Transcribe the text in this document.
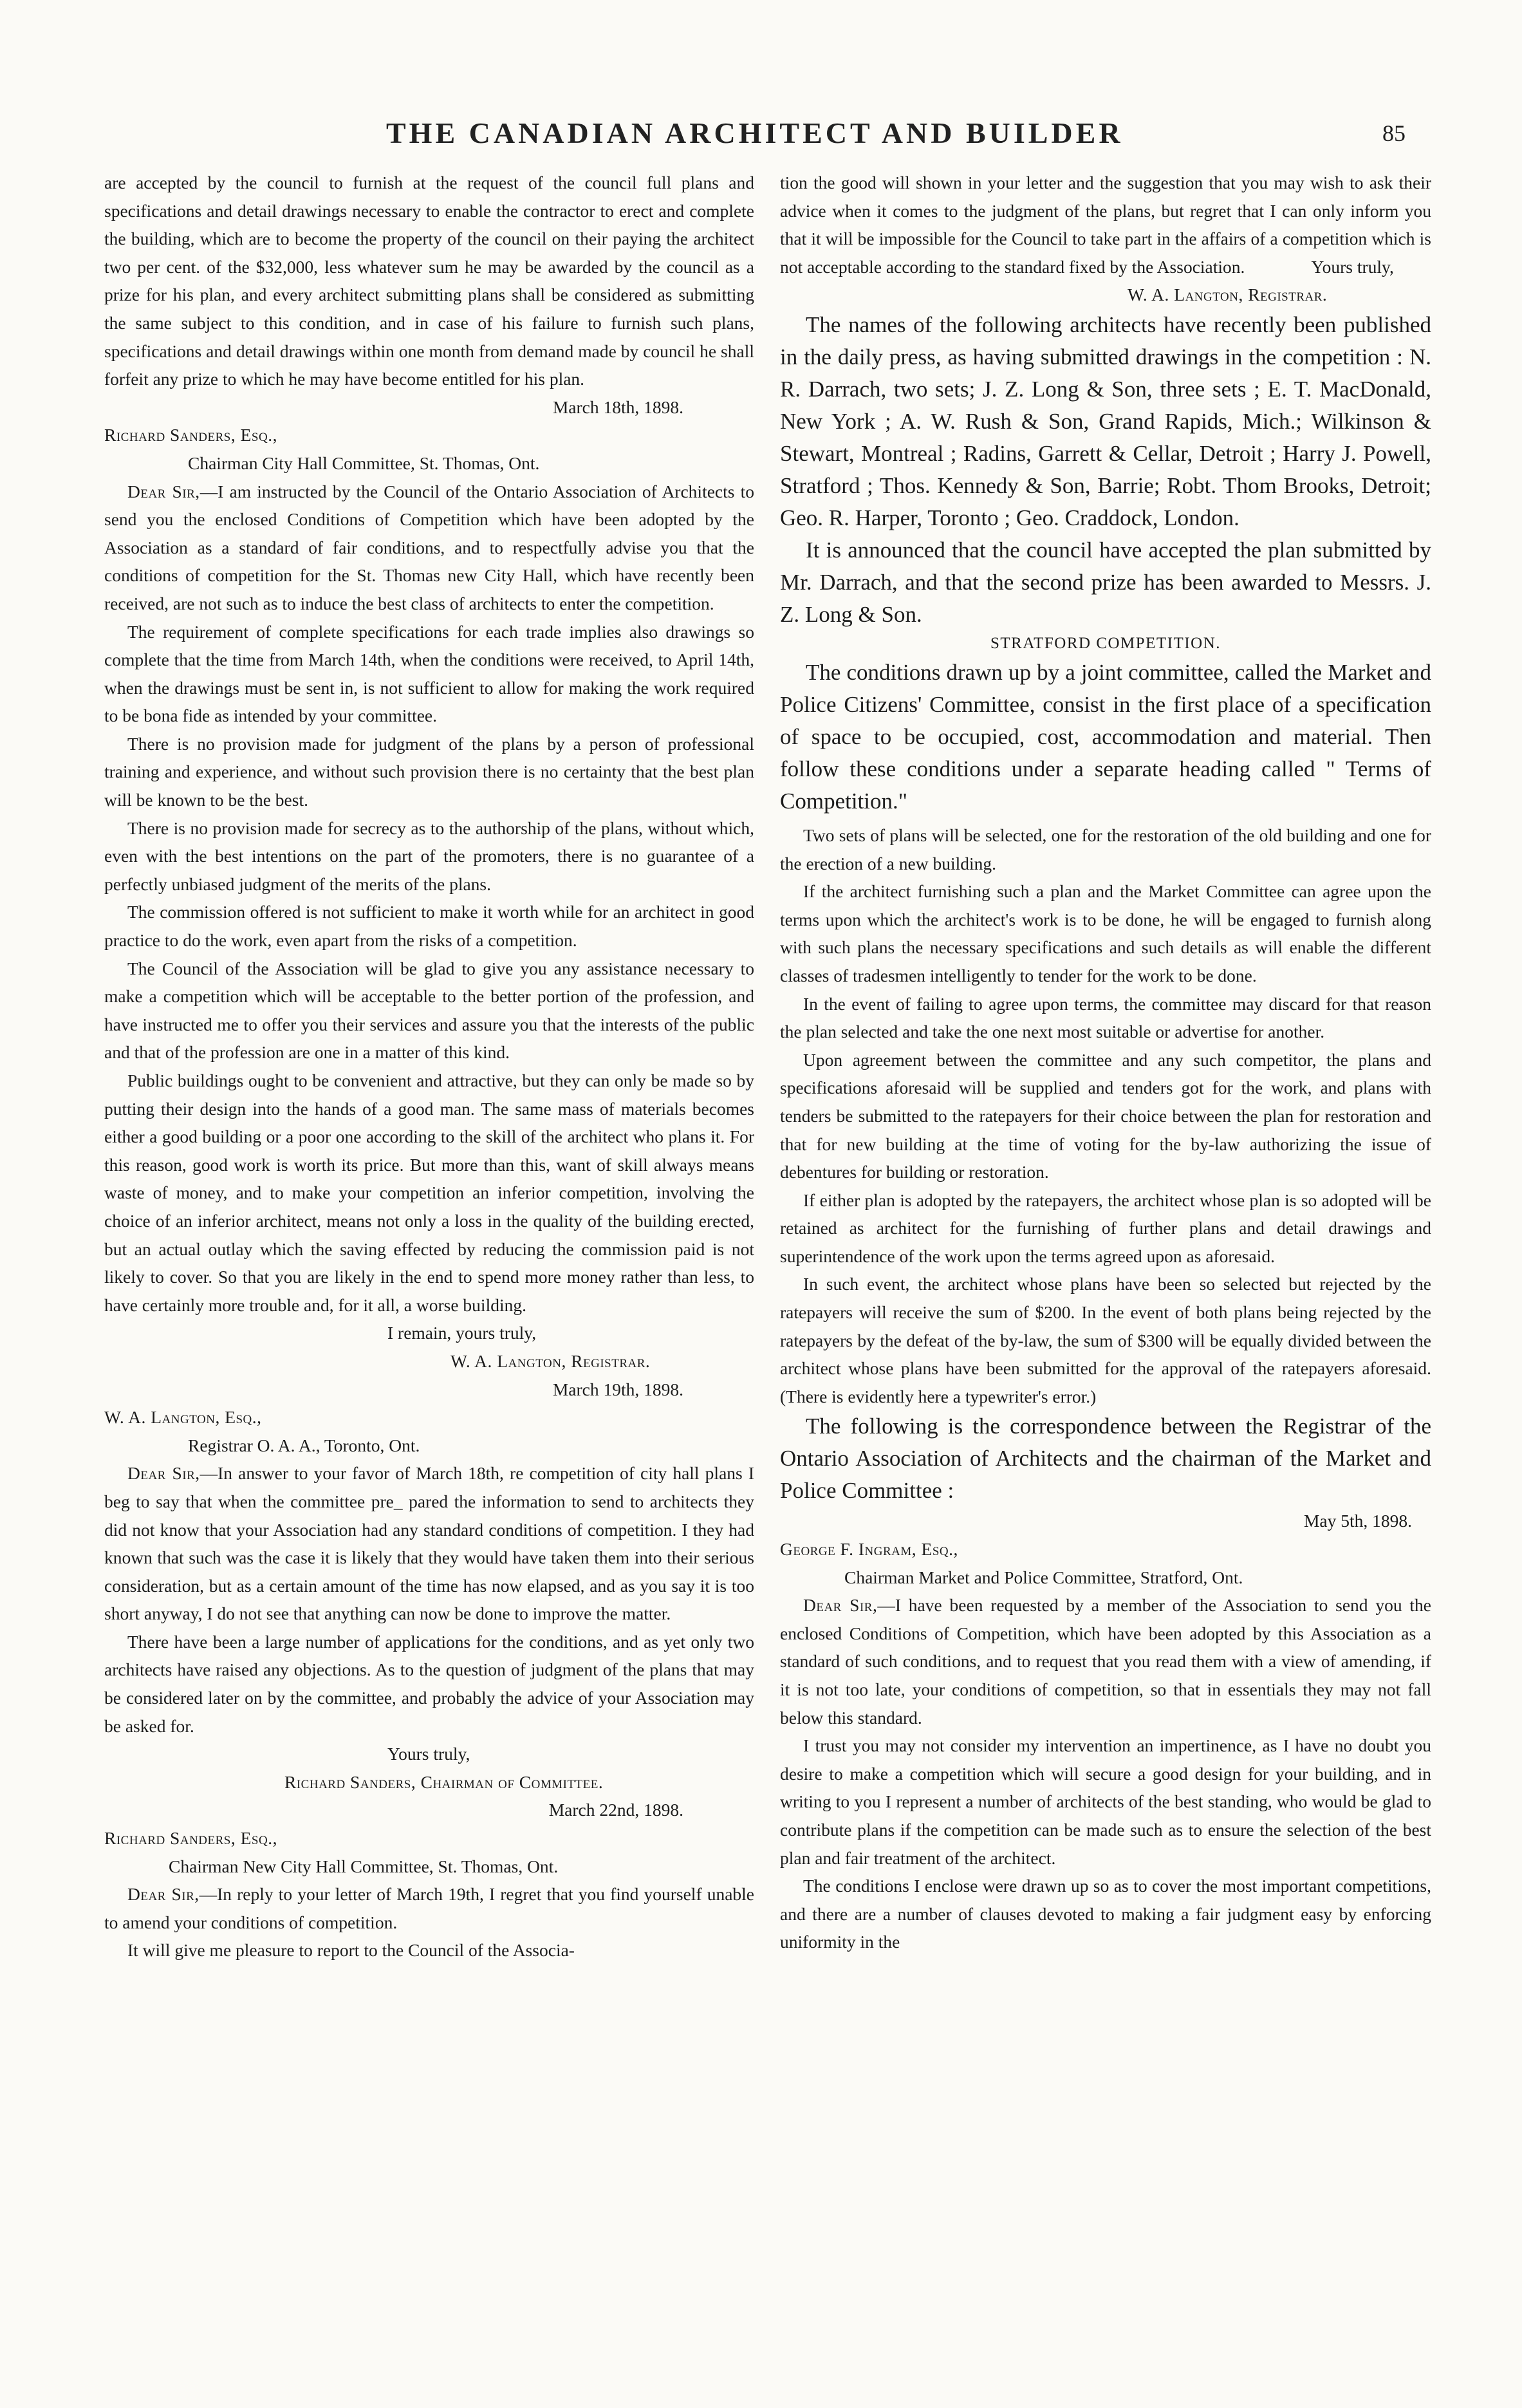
THE CANADIAN ARCHITECT AND BUILDER	85

are accepted by the council to furnish at the request of the council full plans and specifications and detail drawings necessary to enable the contractor to erect and complete the building, which are to become the property of the council on their paying the architect two per cent. of the $32,000, less whatever sum he may be awarded by the council as a prize for his plan, and every architect submitting plans shall be considered as submitting the same subject to this condition, and in case of his failure to furnish such plans, specifications and detail drawings within one month from demand made by council he shall forfeit any prize to which he may have become entitled for his plan.

March 18th, 1898.

Richard Sanders, Esq.,

Chairman City Hall Committee, St. Thomas, Ont.

Dear Sir,—I am instructed by the Council of the Ontario Association of Architects to send you the enclosed Conditions of Competition which have been adopted by the Association as a standard of fair conditions, and to respectfully advise you that the conditions of competition for the St. Thomas new City Hall, which have recently been received, are not such as to induce the best class of architects to enter the competition.

The requirement of complete specifications for each trade implies also drawings so complete that the time from March 14th, when the conditions were received, to April 14th, when the drawings must be sent in, is not sufficient to allow for making the work required to be bona fide as intended by your committee.

There is no provision made for judgment of the plans by a person of professional training and experience, and without such provision there is no certainty that the best plan will be known to be the best.

There is no provision made for secrecy as to the authorship of the plans, without which, even with the best intentions on the part of the promoters, there is no guarantee of a perfectly unbiased judgment of the merits of the plans.

The commission offered is not sufficient to make it worth while for an architect in good practice to do the work, even apart from the risks of a competition.

The Council of the Association will be glad to give you any assistance necessary to make a competition which will be acceptable to the better portion of the profession, and have instructed me to offer you their services and assure you that the interests of the public and that of the profession are one in a matter of this kind.

Public buildings ought to be convenient and attractive, but they can only be made so by putting their design into the hands of a good man. The same mass of materials becomes either a good building or a poor one according to the skill of the architect who plans it. For this reason, good work is worth its price. But more than this, want of skill always means waste of money, and to make your competition an inferior competition, involving the choice of an inferior architect, means not only a loss in the quality of the building erected, but an actual outlay which the saving effected by reducing the commission paid is not likely to cover. So that you are likely in the end to spend more money rather than less, to have certainly more trouble and, for it all, a worse building.

I remain, yours truly,

W. A. Langton, Registrar.

March 19th, 1898.

W. A. Langton, Esq.,

Registrar O. A. A., Toronto, Ont.

Dear Sir,—In answer to your favor of March 18th, re competition of city hall plans I beg to say that when the committee pre_ pared the information to send to architects they did not know that your Association had any standard conditions of competition. I they had known that such was the case it is likely that they would have taken them into their serious consideration, but as a certain amount of the time has now elapsed, and as you say it is too short anyway, I do not see that anything can now be done to improve the matter.

There have been a large number of applications for the conditions, and as yet only two architects have raised any objections. As to the question of judgment of the plans that may be considered later on by the committee, and probably the advice of your Association may be asked for.

Yours truly,

Richard Sanders, Chairman of Committee.

March 22nd, 1898.

Richard Sanders, Esq.,

Chairman New City Hall Committee, St. Thomas, Ont.

Dear Sir,—In reply to your letter of March 19th, I regret that you find yourself unable to amend your conditions of competition.

It will give me pleasure to report to the Council of the Associa-

tion the good will shown in your letter and the suggestion that you may wish to ask their advice when it comes to the judgment of the plans, but regret that I can only inform you that it will be impossible for the Council to take part in the affairs of a competition which is not acceptable according to the standard fixed by the Association.	Yours truly,

W. A. Langton, Registrar.

The names of the following architects have recently been published in the daily press, as having submitted drawings in the competition : N. R. Darrach, two sets; J. Z. Long & Son, three sets ; E. T. MacDonald, New York ; A. W. Rush & Son, Grand Rapids, Mich.; Wilkinson & Stewart, Montreal ; Radins, Garrett & Cellar, Detroit ; Harry J. Powell, Stratford ; Thos. Kennedy & Son, Barrie; Robt. Thom Brooks, Detroit; Geo. R. Harper, Toronto ; Geo. Craddock, London.

It is announced that the council have accepted the plan submitted by Mr. Darrach, and that the second prize has been awarded to Messrs. J. Z. Long & Son.

STRATFORD COMPETITION.

The conditions drawn up by a joint committee, called the Market and Police Citizens' Committee, consist in the first place of a specification of space to be occupied, cost, accommodation and material. Then follow these conditions under a separate heading called " Terms of Competition."

Two sets of plans will be selected, one for the restoration of the old building and one for the erection of a new building.

If the architect furnishing such a plan and the Market Committee can agree upon the terms upon which the architect's work is to be done, he will be engaged to furnish along with such plans the necessary specifications and such details as will enable the different classes of tradesmen intelligently to tender for the work to be done.

In the event of failing to agree upon terms, the committee may discard for that reason the plan selected and take the one next most suitable or advertise for another.

Upon agreement between the committee and any such competitor, the plans and specifications aforesaid will be supplied and tenders got for the work, and plans with tenders be submitted to the ratepayers for their choice between the plan for restoration and that for new building at the time of voting for the by-law authorizing the issue of debentures for building or restoration.

If either plan is adopted by the ratepayers, the architect whose plan is so adopted will be retained as architect for the furnishing of further plans and detail drawings and superintendence of the work upon the terms agreed upon as aforesaid.

In such event, the architect whose plans have been so selected but rejected by the ratepayers will receive the sum of $200. In the event of both plans being rejected by the ratepayers by the defeat of the by-law, the sum of $300 will be equally divided between the architect whose plans have been submitted for the approval of the ratepayers aforesaid. (There is evidently here a typewriter's error.)

The following is the correspondence between the Registrar of the Ontario Association of Architects and the chairman of the Market and Police Committee :

May 5th, 1898.

George F. Ingram, Esq.,

Chairman Market and Police Committee, Stratford, Ont.

Dear Sir,—I have been requested by a member of the Association to send you the enclosed Conditions of Competition, which have been adopted by this Association as a standard of such conditions, and to request that you read them with a view of amending, if it is not too late, your conditions of competition, so that in essentials they may not fall below this standard.

I trust you may not consider my intervention an impertinence, as I have no doubt you desire to make a competition which will secure a good design for your building, and in writing to you I represent a number of architects of the best standing, who would be glad to contribute plans if the competition can be made such as to ensure the selection of the best plan and fair treatment of the architect.

The conditions I enclose were drawn up so as to cover the most important competitions, and there are a number of clauses devoted to making a fair judgment easy by enforcing uniformity in the
